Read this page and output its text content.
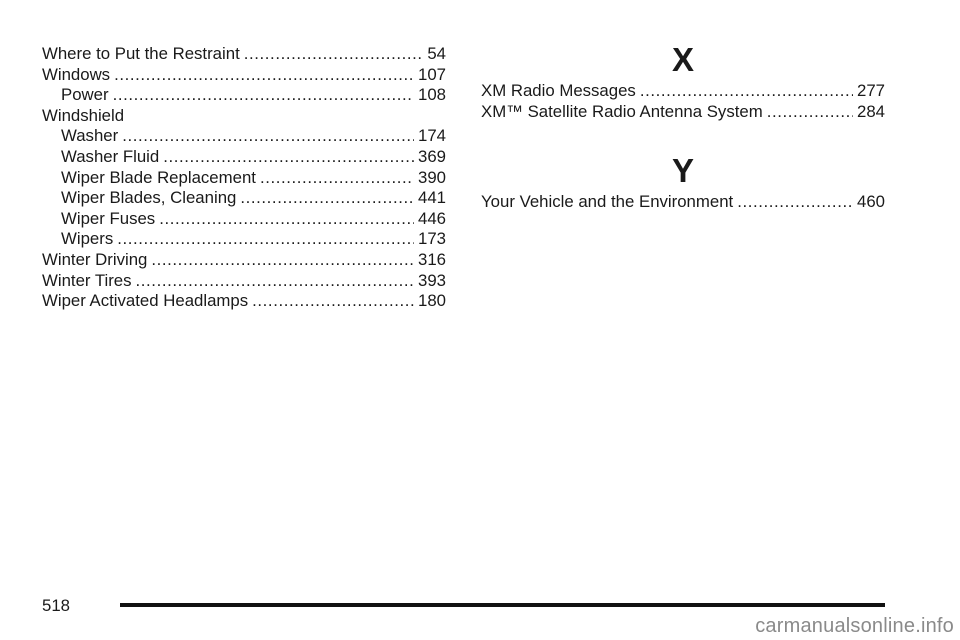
Where to Put the Restraint .....	54
Windows .....	107
Power .....	108
Windshield
Washer .....	174
Washer Fluid .....	369
Wiper Blade Replacement .....	390
Wiper Blades, Cleaning .....	441
Wiper Fuses .....	446
Wipers .....	173
Winter Driving .....	316
Winter Tires .....	393
Wiper Activated Headlamps .....	180
X
XM Radio Messages .....	277
XM™ Satellite Radio Antenna System .....	284
Y
Your Vehicle and the Environment .....	460
518
carmanualsonline.info
